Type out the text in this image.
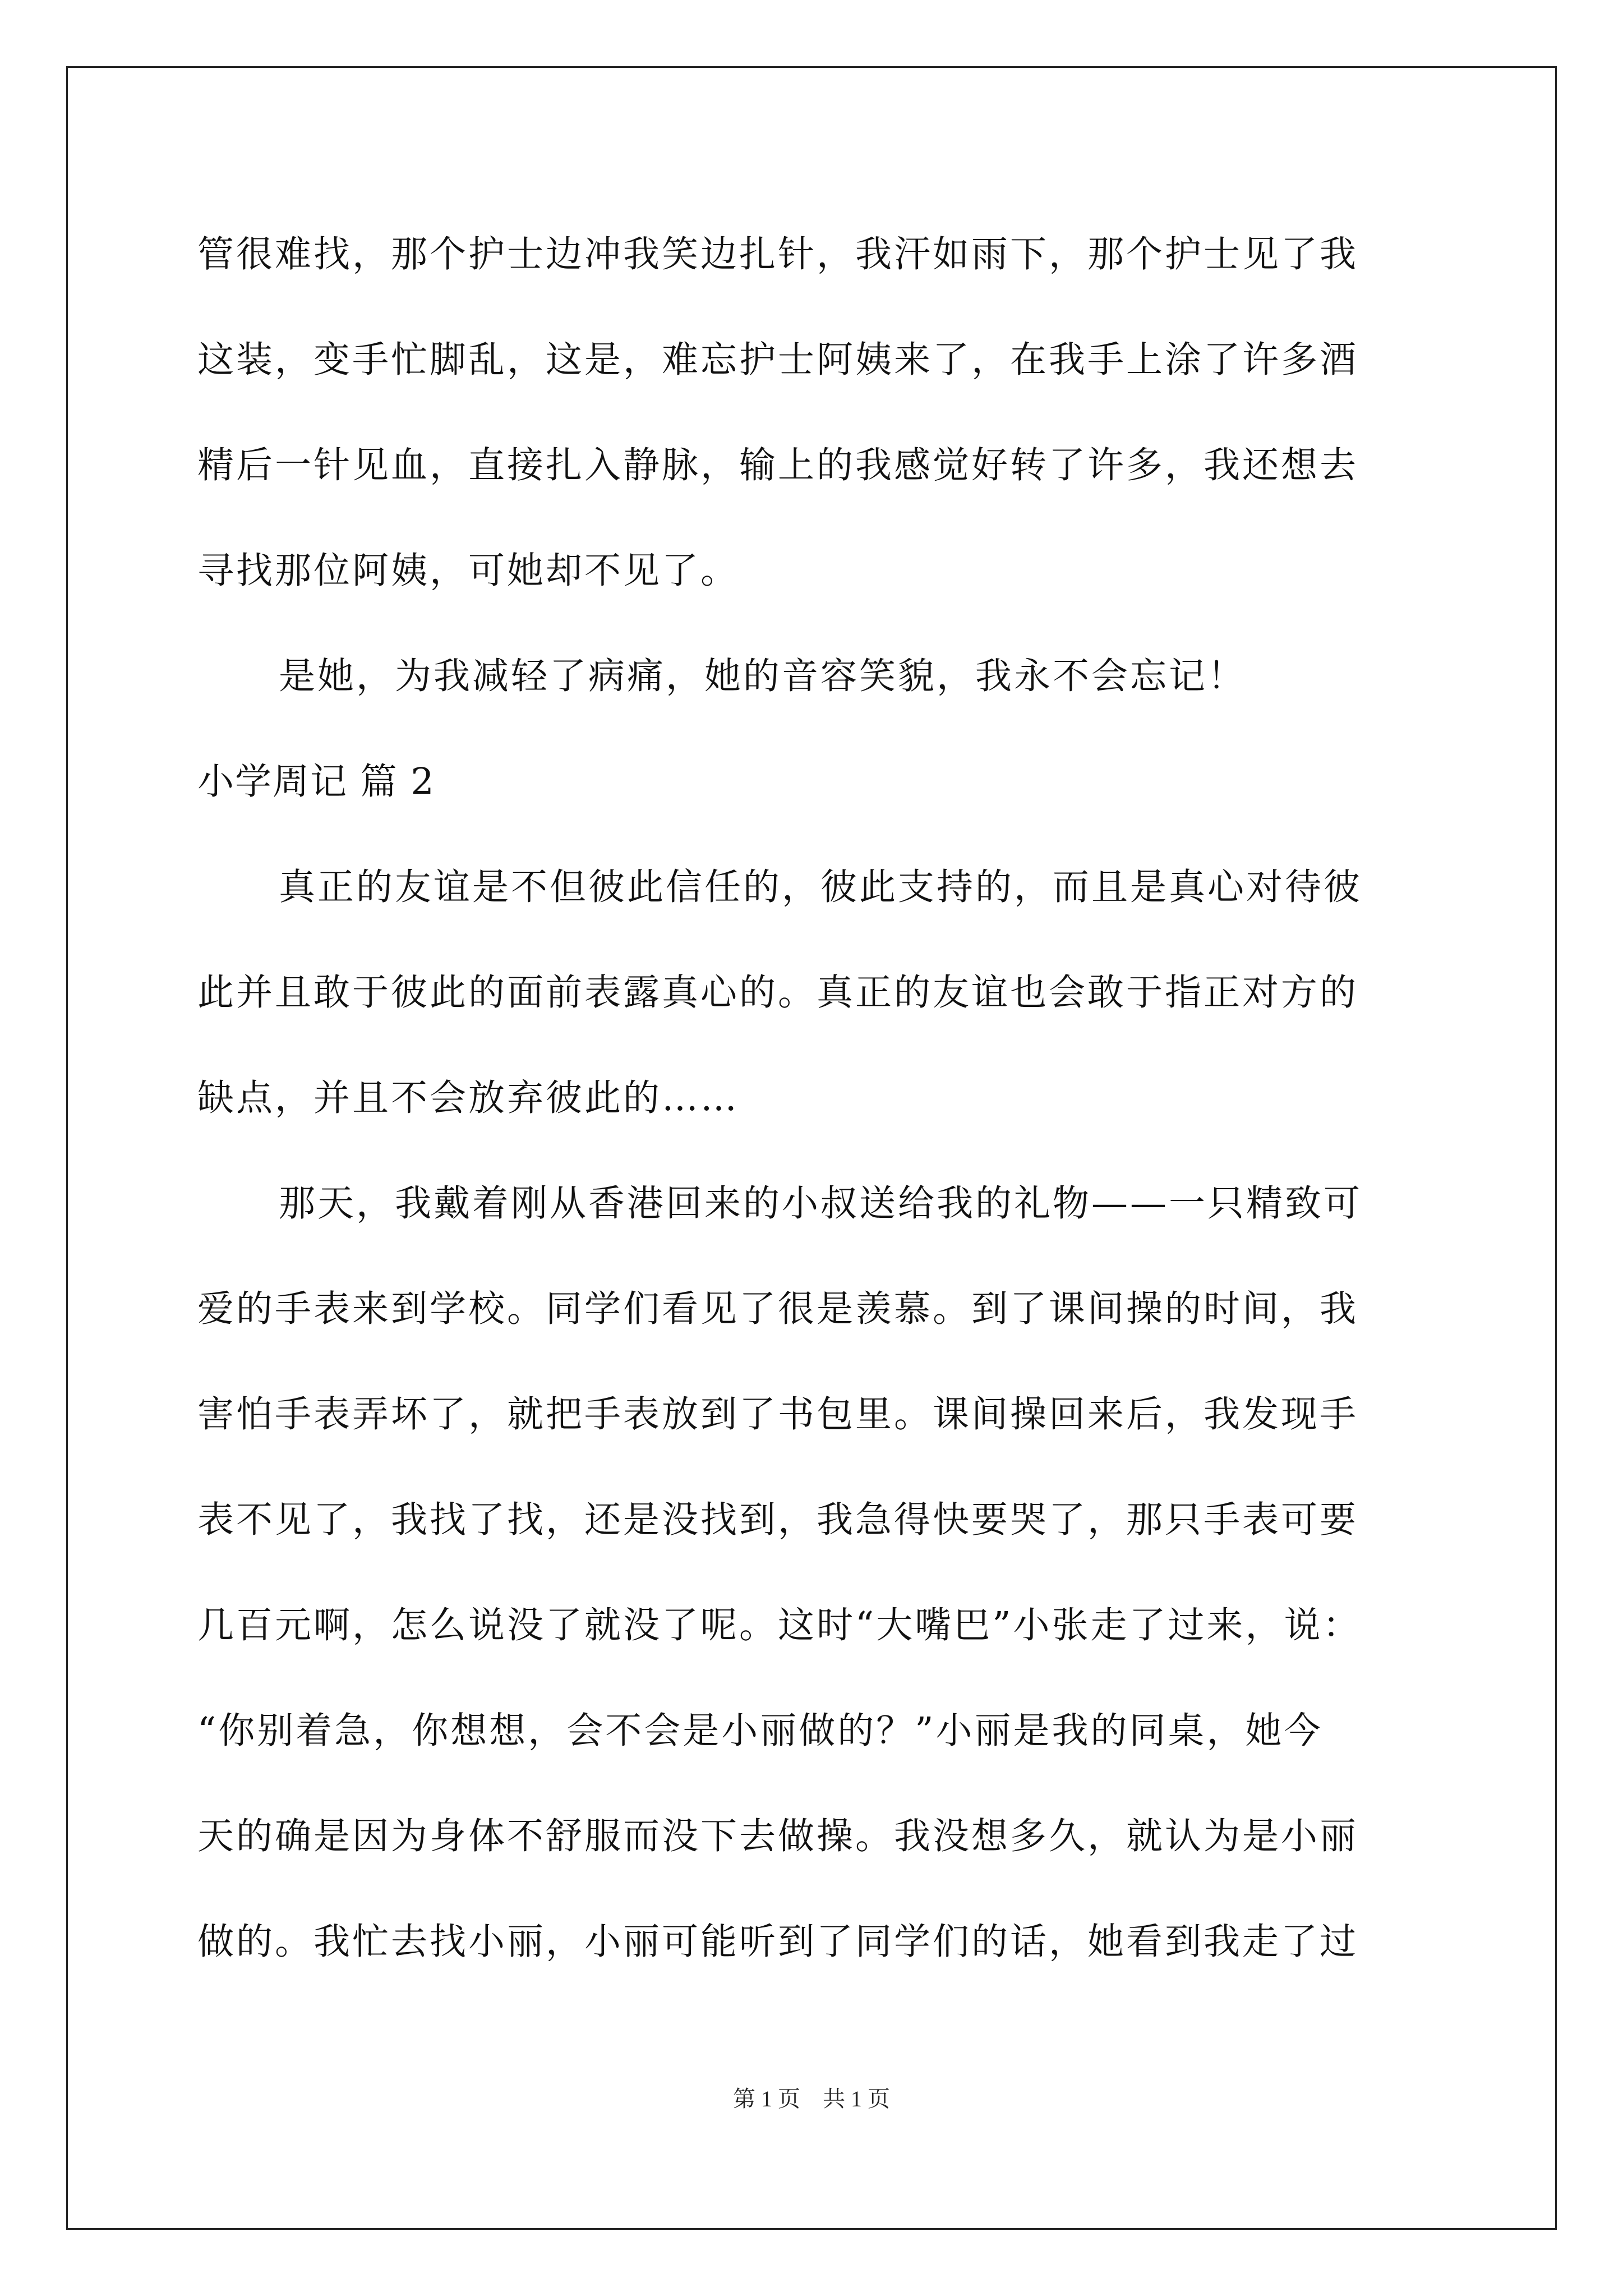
管很难找，那个护士边冲我笑边扎针，我汗如雨下，那个护士见了我
这装，变手忙脚乱，这是，难忘护士阿姨来了，在我手上涂了许多酒
精后一针见血，直接扎入静脉，输上的我感觉好转了许多，我还想去
寻找那位阿姨，可她却不见了。
是她，为我减轻了病痛，她的音容笑貌，我永不会忘记！
小学周记 篇 2
真正的友谊是不但彼此信任的，彼此支持的，而且是真心对待彼
此并且敢于彼此的面前表露真心的。真正的友谊也会敢于指正对方的
缺点，并且不会放弃彼此的……
那天，我戴着刚从香港回来的小叔送给我的礼物——一只精致可
爱的手表来到学校。同学们看见了很是羡慕。到了课间操的时间，我
害怕手表弄坏了，就把手表放到了书包里。课间操回来后，我发现手
表不见了，我找了找，还是没找到，我急得快要哭了，那只手表可要
几百元啊，怎么说没了就没了呢。这时“大嘴巴”小张走了过来，说：
“你别着急，你想想，会不会是小丽做的？”小丽是我的同桌，她今
天的确是因为身体不舒服而没下去做操。我没想多久，就认为是小丽
做的。我忙去找小丽，小丽可能听到了同学们的话，她看到我走了过
第 1 页　共 1 页
